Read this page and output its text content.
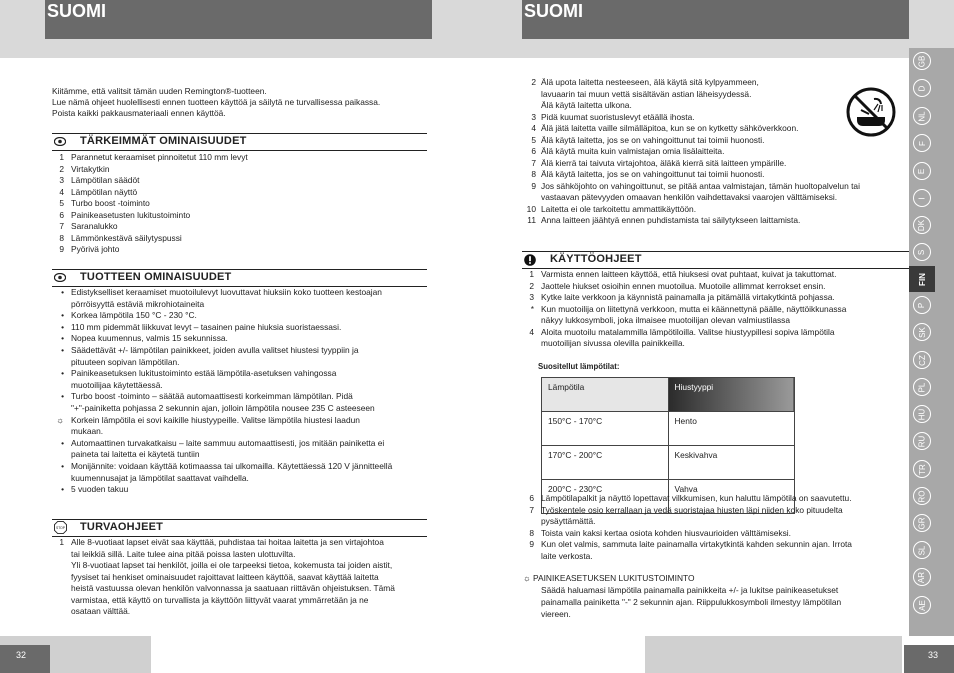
SUOMI	SUOMI
Kiitämme, että valitsit tämän uuden Remington®-tuotteen.
Lue nämä ohjeet huolellisesti ennen tuotteen käyttöä ja säilytä ne turvallisessa paikassa.
Poista kaikki pakkausmateriaali ennen käyttöä.
TÄRKEIMMÄT OMINAISUUDET
1 Parannetut keraamiset pinnoitetut 110 mm levyt
2 Virtakytkin
3 Lämpötilan säädöt
4 Lämpötilan näyttö
5 Turbo boost -toiminto
6 Painikeasetusten lukitustoiminto
7 Saranalukko
8 Lämmönkestävä säilytyspussi
9 Pyörivä johto
TUOTTEEN OMINAISUUDET
• Edistykselliset keraamiset muotoilulevyt luovuttavat hiuksiin koko tuotteen kestoajan
pörröisyyttä estäviä mikrohiotaineita
• Korkea lämpötila 150 °C - 230 °C.
• 110 mm pidemmät liikkuvat levyt – tasainen paine hiuksia suoristaessasi.
• Nopea kuumennus, valmis 15 sekunnissa.
• Säädettävät +/- lämpötilan painikkeet, joiden avulla valitset hiustesi tyyppiin ja
pituuteen sopivan lämpötilan.
• Painikeasetuksen lukitustoiminto estää lämpötila-asetuksen vahingossa
muotoilijaa käytettäessä.
• Turbo boost -toiminto – säätää automaattisesti korkeimman lämpötilan. Pidä
"+"-painiketta pohjassa 2 sekunnin ajan, jolloin lämpötila nousee 235 C asteeseen
☼ Korkein lämpötila ei sovi kaikille hiustyypeille. Valitse lämpötila hiustesi laadun
mukaan.
• Automaattinen turvakatkaisu – laite sammuu automaattisesti, jos mitään painiketta ei
paineta tai laitetta ei käytetä tuntiin
• Monijännite: voidaan käyttää kotimaassa tai ulkomailla. Käytettäessä 120 V jännitteellä
kuumennusajat ja lämpötilat saattavat vaihdella.
• 5 vuoden takuu
STOP TURVAOHJEET
1 Alle 8-vuotiaat lapset eivät saa käyttää, puhdistaa tai hoitaa laitetta ja sen virtajohtoa
tai leikkiä sillä. Laite tulee aina pitää poissa lasten ulottuvilta.
Yli 8-vuotiaat lapset tai henkilöt, joilla ei ole tarpeeksi tietoa, kokemusta tai joiden aistit,
fyysiset tai henkiset ominaisuudet rajoittavat laitteen käyttöä, saavat käyttää laitetta
heistä vastuussa olevan henkilön valvonnassa ja saatuaan riittävän ohjeistuksen. Tämä
varmistaa, että käyttö on turvallista ja käyttöön liittyvät vaarat ymmärretään ja ne
osataan välttää.
2 Älä upota laitetta nesteeseen, älä käytä sitä kylpyammeen,
lavuaarin tai muun vettä sisältävän astian läheisyydessä.
Älä käytä laitetta ulkona.
3 Pidä kuumat suoristuslevyt etäällä ihosta.
4 Älä jätä laitetta vaille silmälläpitoa, kun se on kytketty sähköverkkoon.
5 Älä käytä laitetta, jos se on vahingoittunut tai toimii huonosti.
6 Älä käytä muita kuin valmistajan omia lisälaitteita.
7 Älä kierrä tai taivuta virtajohtoa, äläkä kierrä sitä laitteen ympärille.
8 Älä käytä laitetta, jos se on vahingoittunut tai toimii huonosti.
9 Jos sähköjohto on vahingoittunut, se pitää antaa valmistajan, tämän huoltopalvelun tai
vastaavan pätevyyden omaavan henkilön vaihdettavaksi vaarojen välttämiseksi.
10 Laitetta ei ole tarkoitettu ammattikäyttöön.
11 Anna laitteen jäähtyä ennen puhdistamista tai säilytykseen laittamista.
KÄYTTÖOHJEET
1 Varmista ennen laitteen käyttöä, että hiuksesi ovat puhtaat, kuivat ja takuttomat.
2 Jaottele hiukset osioihin ennen muotoilua. Muotoile allimmat kerrokset ensin.
3 Kytke laite verkkoon ja käynnistä painamalla ja pitämällä virtakytkintä pohjassa.
* Kun muotoilija on liitettynä verkkoon, mutta ei käännettynä päälle, näyttöikkunassa
näkyy lukkosymboli, joka ilmaisee muotoilijan olevan valmiustilassa
4 Aloita muotoilu matalammilla lämpötiloilla. Valitse hiustyypillesi sopiva lämpötila
muotoilijan sivussa olevilla painikkeilla.
Suositellut lämpötilat:
Lämpötila	Hiustyyppi
150°C - 170°C	Hento
170°C - 200°C	Keskivahva
200°C - 230°C	Vahva
6 Lämpötilapalkit ja näyttö lopettavat vilkkumisen, kun haluttu lämpötila on saavutettu.
7 Työskentele osio kerrallaan ja vedä suoristajaa hiusten läpi niiden koko pituudelta
pysäyttämättä.
8 Toista vain kaksi kertaa osiota kohden hiusvaurioiden välttämiseksi.
9 Kun olet valmis, sammuta laite painamalla virtakytkintä kahden sekunnin ajan. Irrota
laite verkosta.
☼ PAINIKEASETUKSEN LUKITUSTOIMINTO
Säädä haluamasi lämpötila painamalla painikkeita +/- ja lukitse painikeasetukset
painamalla painiketta "-" 2 sekunnin ajan. Riippulukkosymboli ilmestyy lämpötilan
viereen.
GB
D
NL
F
E
I
DK
S
FIN
P
SK
CZ
PL
HU
RU
TR
RO
GR
SL
AR
AE
32	33
